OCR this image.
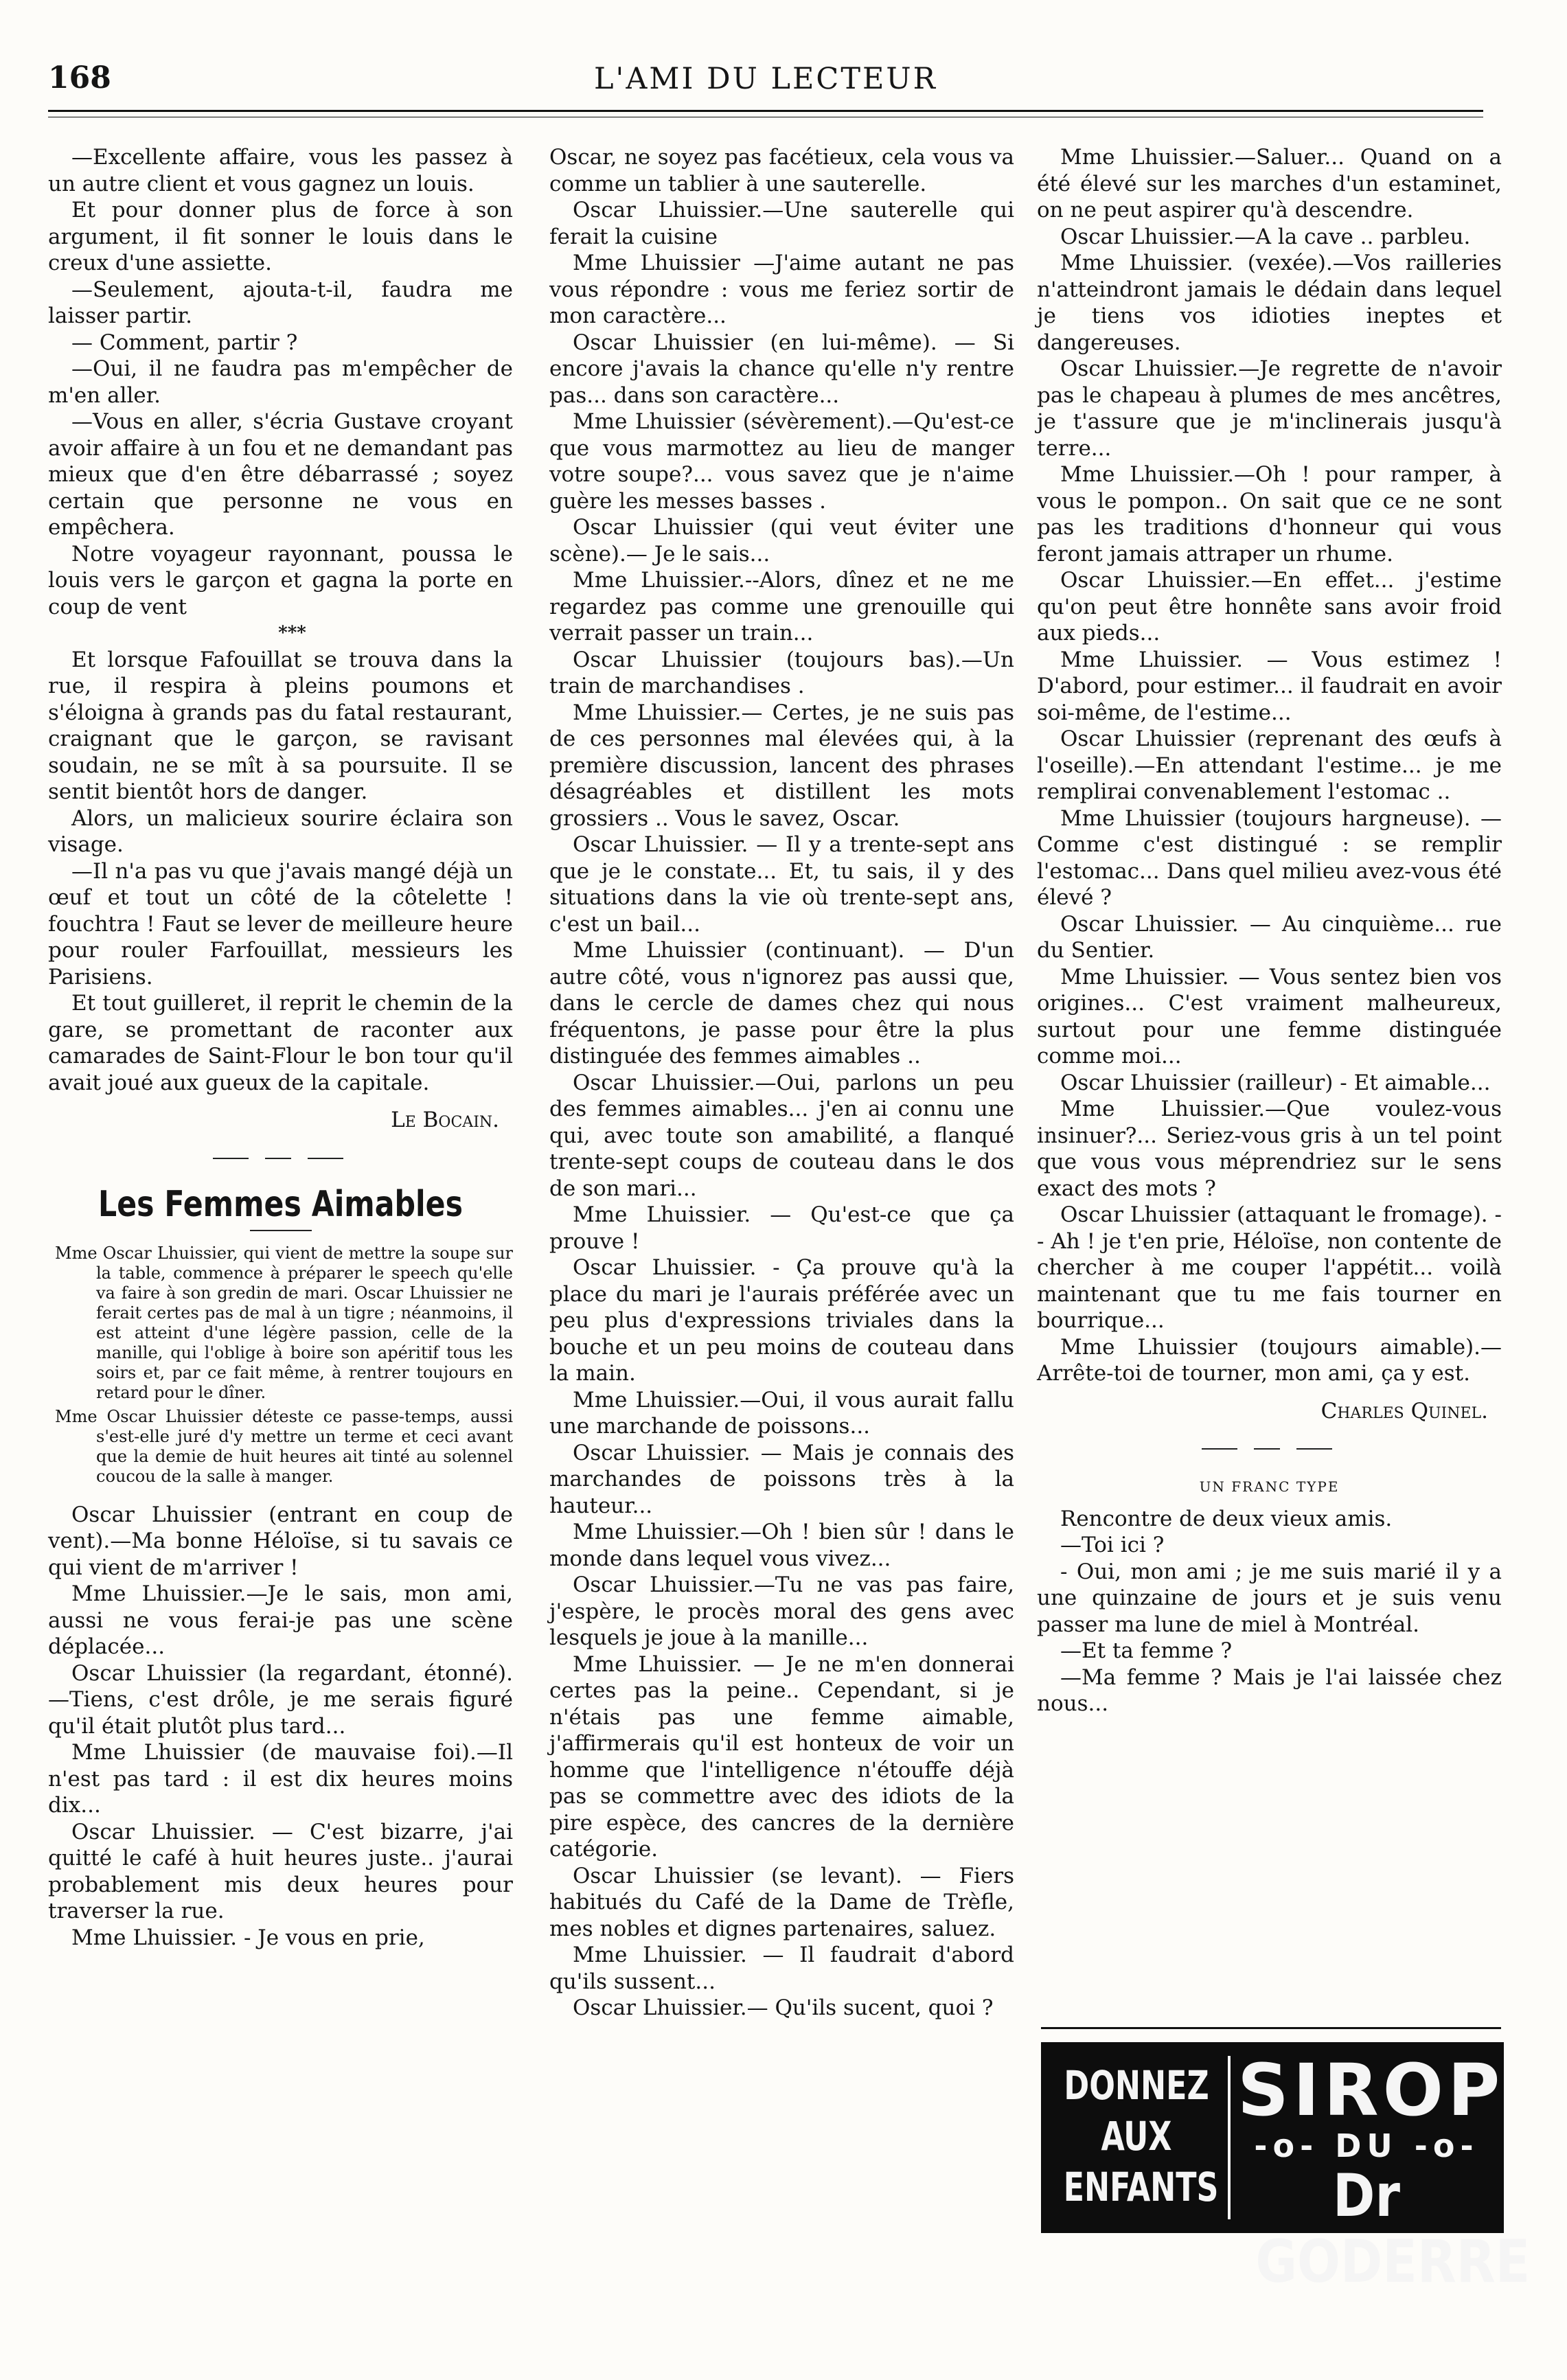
168	L'AMI DU LECTEUR

—Excellente affaire, vous les passez à un autre client et vous gagnez un louis.

Et pour donner plus de force à son argument, il fit sonner le louis dans le creux d'une assiette.

—Seulement, ajouta-t-il, faudra me laisser partir.

— Comment, partir ?

—Oui, il ne faudra pas m'empêcher de m'en aller.

—Vous en aller, s'écria Gustave croyant avoir affaire à un fou et ne demandant pas mieux que d'en être débarrassé ; soyez certain que personne ne vous en empêchera.

Notre voyageur rayonnant, poussa le louis vers le garçon et gagna la porte en coup de vent

***

Et lorsque Fafouillat se trouva dans la rue, il respira à pleins poumons et s'éloigna à grands pas du fatal restaurant, craignant que le garçon, se ravisant soudain, ne se mît à sa poursuite. Il se sentit bientôt hors de danger.

Alors, un malicieux sourire éclaira son visage.

—Il n'a pas vu que j'avais mangé déjà un œuf et tout un côté de la côtelette ! fouchtra ! Faut se lever de meilleure heure pour rouler Farfouillat, messieurs les Parisiens.

Et tout guilleret, il reprit le chemin de la gare, se promettant de raconter aux camarades de Saint-Flour le bon tour qu'il avait joué aux gueux de la capitale.

Le Bocain.

Les Femmes Aimables

Mme Oscar Lhuissier, qui vient de mettre la soupe sur la table, commence à préparer le speech qu'elle va faire à son gredin de mari. Oscar Lhuissier ne ferait certes pas de mal à un tigre ; néanmoins, il est atteint d'une légère passion, celle de la manille, qui l'oblige à boire son apéritif tous les soirs et, par ce fait même, à rentrer toujours en retard pour le dîner.

Mme Oscar Lhuissier déteste ce passe-temps, aussi s'est-elle juré d'y mettre un terme et ceci avant que la demie de huit heures ait tinté au solennel coucou de la salle à manger.

Oscar Lhuissier (entrant en coup de vent).—Ma bonne Héloïse, si tu savais ce qui vient de m'arriver !

Mme Lhuissier.—Je le sais, mon ami, aussi ne vous ferai-je pas une scène déplacée...

Oscar Lhuissier (la regardant, étonné). —Tiens, c'est drôle, je me serais figuré qu'il était plutôt plus tard...

Mme Lhuissier (de mauvaise foi).—Il n'est pas tard : il est dix heures moins dix...

Oscar Lhuissier. — C'est bizarre, j'ai quitté le café à huit heures juste.. j'aurai probablement mis deux heures pour traverser la rue.

Mme Lhuissier. - Je vous en prie,

Oscar, ne soyez pas facétieux, cela vous va comme un tablier à une sauterelle.

Oscar Lhuissier.—Une sauterelle qui ferait la cuisine

Mme Lhuissier —J'aime autant ne pas vous répondre : vous me feriez sortir de mon caractère...

Oscar Lhuissier (en lui-même). — Si encore j'avais la chance qu'elle n'y rentre pas... dans son caractère...

Mme Lhuissier (sévèrement).—Qu'est-ce que vous marmottez au lieu de manger votre soupe?... vous savez que je n'aime guère les messes basses .

Oscar Lhuissier (qui veut éviter une scène).— Je le sais...

Mme Lhuissier.--Alors, dînez et ne me regardez pas comme une grenouille qui verrait passer un train...

Oscar Lhuissier (toujours bas).—Un train de marchandises .

Mme Lhuissier.— Certes, je ne suis pas de ces personnes mal élevées qui, à la première discussion, lancent des phrases désagréables et distillent les mots grossiers .. Vous le savez, Oscar.

Oscar Lhuissier. — Il y a trente-sept ans que je le constate... Et, tu sais, il y des situations dans la vie où trente-sept ans, c'est un bail...

Mme Lhuissier (continuant). — D'un autre côté, vous n'ignorez pas aussi que, dans le cercle de dames chez qui nous fréquentons, je passe pour être la plus distinguée des femmes aimables ..

Oscar Lhuissier.—Oui, parlons un peu des femmes aimables... j'en ai connu une qui, avec toute son amabilité, a flanqué trente-sept coups de couteau dans le dos de son mari...

Mme Lhuissier. — Qu'est-ce que ça prouve !

Oscar Lhuissier. - Ça prouve qu'à la place du mari je l'aurais préférée avec un peu plus d'expressions triviales dans la bouche et un peu moins de couteau dans la main.

Mme Lhuissier.—Oui, il vous aurait fallu une marchande de poissons...

Oscar Lhuissier. — Mais je connais des marchandes de poissons très à la hauteur...

Mme Lhuissier.—Oh ! bien sûr ! dans le monde dans lequel vous vivez...

Oscar Lhuissier.—Tu ne vas pas faire, j'espère, le procès moral des gens avec lesquels je joue à la manille...

Mme Lhuissier. — Je ne m'en donnerai certes pas la peine.. Cependant, si je n'étais pas une femme aimable, j'affirmerais qu'il est honteux de voir un homme que l'intelligence n'étouffe déjà pas se commettre avec des idiots de la pire espèce, des cancres de la dernière catégorie.

Oscar Lhuissier (se levant). — Fiers habitués du Café de la Dame de Trèfle, mes nobles et dignes partenaires, saluez.

Mme Lhuissier. — Il faudrait d'abord qu'ils sussent...

Oscar Lhuissier.— Qu'ils sucent, quoi ?

Mme Lhuissier.—Saluer... Quand on a été élevé sur les marches d'un estaminet, on ne peut aspirer qu'à descendre.

Oscar Lhuissier.—A la cave .. parbleu.

Mme Lhuissier. (vexée).—Vos railleries n'atteindront jamais le dédain dans lequel je tiens vos idioties ineptes et dangereuses.

Oscar Lhuissier.—Je regrette de n'avoir pas le chapeau à plumes de mes ancêtres, je t'assure que je m'inclinerais jusqu'à terre...

Mme Lhuissier.—Oh ! pour ramper, à vous le pompon.. On sait que ce ne sont pas les traditions d'honneur qui vous feront jamais attraper un rhume.

Oscar Lhuissier.—En effet... j'estime qu'on peut être honnête sans avoir froid aux pieds...

Mme Lhuissier. — Vous estimez ! D'abord, pour estimer... il faudrait en avoir soi-même, de l'estime...

Oscar Lhuissier (reprenant des œufs à l'oseille).—En attendant l'estime... je me remplirai convenablement l'estomac ..

Mme Lhuissier (toujours hargneuse). —Comme c'est distingué : se remplir l'estomac... Dans quel milieu avez-vous été élevé ?

Oscar Lhuissier. — Au cinquième... rue du Sentier.

Mme Lhuissier. — Vous sentez bien vos origines... C'est vraiment malheureux, surtout pour une femme distinguée comme moi...

Oscar Lhuissier (railleur) - Et aimable...

Mme Lhuissier.—Que voulez-vous insinuer?... Seriez-vous gris à un tel point que vous vous méprendriez sur le sens exact des mots ?

Oscar Lhuissier (attaquant le fromage). -- Ah ! je t'en prie, Héloïse, non contente de chercher à me couper l'appétit... voilà maintenant que tu me fais tourner en bourrique...

Mme Lhuissier (toujours aimable).— Arrête-toi de tourner, mon ami, ça y est.

Charles Quinel.

UN FRANC TYPE

Rencontre de deux vieux amis.

—Toi ici ?

- Oui, mon ami ; je me suis marié il y a une quinzaine de jours et je suis venu passer ma lune de miel à Montréal.

—Et ta femme ?

—Ma femme ? Mais je l'ai laissée chez nous...

DONNEZ
AUX
ENFANTS
SIROP
-o- DU -o-
Dr GODERRE
